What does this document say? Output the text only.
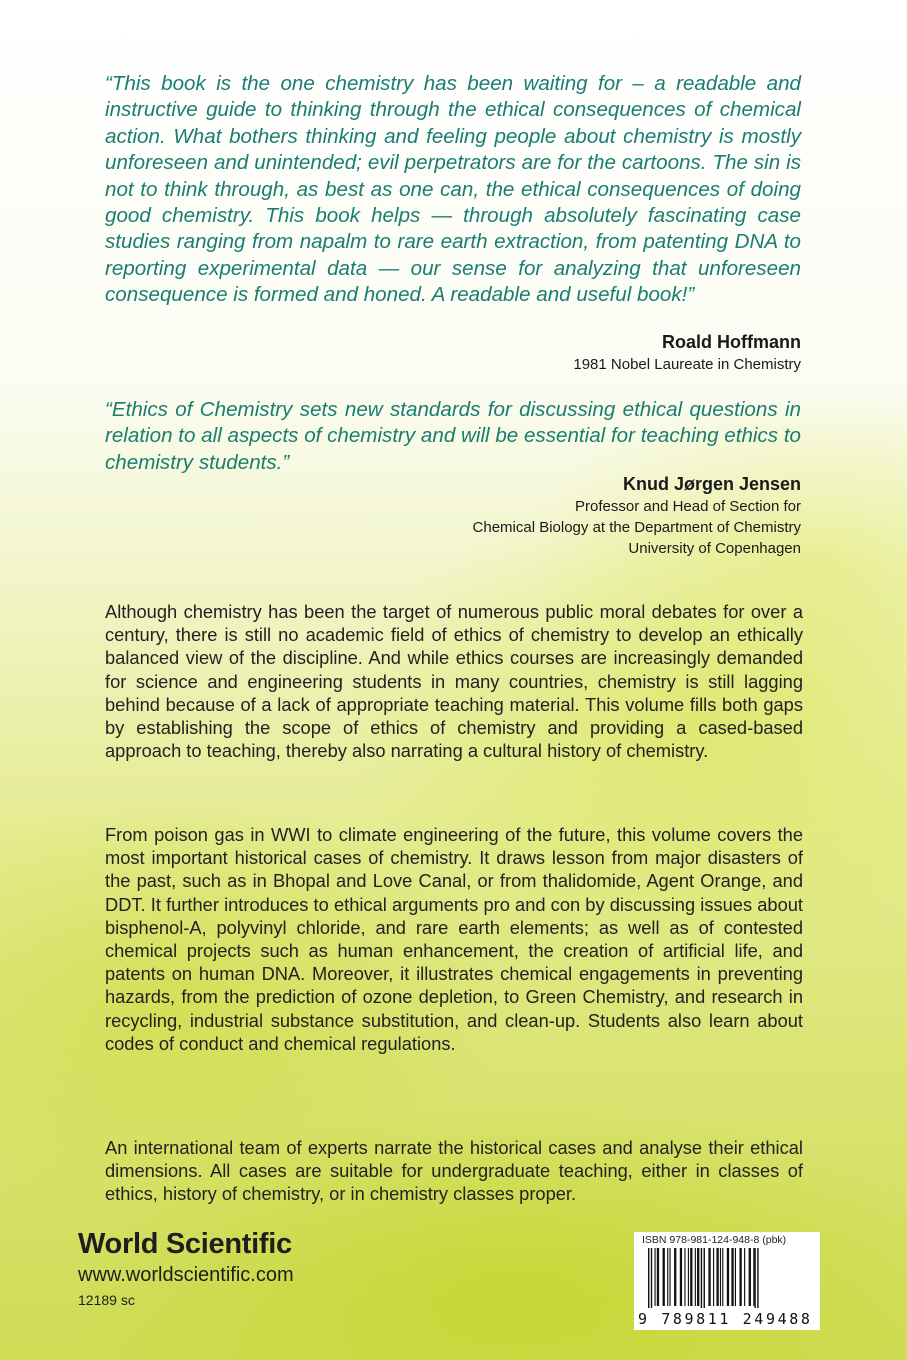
“This book is the one chemistry has been waiting for – a readable and instructive guide to thinking through the ethical consequences of chemical action. What bothers thinking and feeling people about chemistry is mostly unforeseen and unintended; evil perpetrators are for the cartoons. The sin is not to think through, as best as one can, the ethical consequences of doing good chemistry. This book helps — through absolutely fascinating case studies ranging from napalm to rare earth extraction, from patenting DNA to reporting experimental data — our sense for analyzing that unforeseen consequence is formed and honed. A readable and useful book!”

Roald Hoffmann
1981 Nobel Laureate in Chemistry

“Ethics of Chemistry sets new standards for discussing ethical questions in relation to all aspects of chemistry and will be essential for teaching ethics to chemistry students.”

Knud Jørgen Jensen
Professor and Head of Section for
Chemical Biology at the Department of Chemistry
University of Copenhagen

Although chemistry has been the target of numerous public moral debates for over a century, there is still no academic field of ethics of chemistry to develop an ethically balanced view of the discipline. And while ethics courses are increasingly demanded for science and engineering students in many countries, chemistry is still lagging behind because of a lack of appropriate teaching material. This volume fills both gaps by establishing the scope of ethics of chemistry and providing a cased-based approach to teaching, thereby also narrating a cultural history of chemistry.

From poison gas in WWI to climate engineering of the future, this volume covers the most important historical cases of chemistry. It draws lesson from major disasters of the past, such as in Bhopal and Love Canal, or from thalidomide, Agent Orange, and DDT. It further introduces to ethical arguments pro and con by discussing issues about bisphenol-A, polyvinyl chloride, and rare earth elements; as well as of contested chemical projects such as human enhancement, the creation of artificial life, and patents on human DNA. Moreover, it illustrates chemical engagements in preventing hazards, from the prediction of ozone depletion, to Green Chemistry, and research in recycling, industrial substance substitution, and clean-up. Students also learn about codes of conduct and chemical regulations.

An international team of experts narrate the historical cases and analyse their ethical dimensions. All cases are suitable for undergraduate teaching, either in classes of ethics, history of chemistry, or in chemistry classes proper.

World Scientific
www.worldscientific.com
12189 sc
ISBN 978-981-124-948-8 (pbk)
9 789811 249488
